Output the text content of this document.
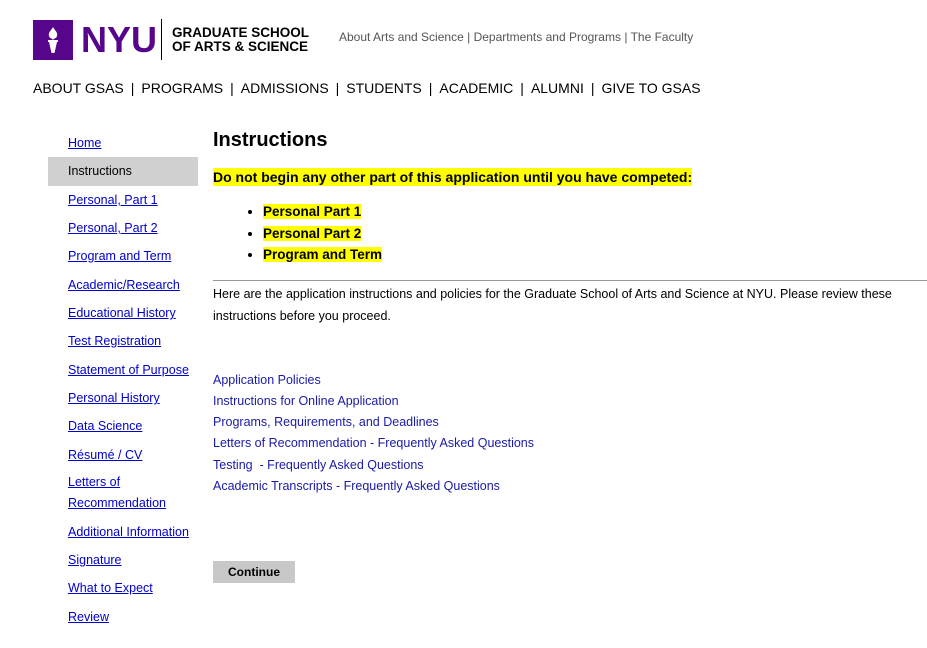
NYU GRADUATE SCHOOL
OF ARTS & SCIENCE
About Arts and Science | Departments and Programs | The Faculty
ABOUT GSAS | PROGRAMS | ADMISSIONS | STUDENTS | ACADEMIC | ALUMNI | GIVE TO GSAS
Home
Instructions
Personal, Part 1
Personal, Part 2
Program and Term
Academic/Research
Educational History
Test Registration
Statement of Purpose
Personal History
Data Science
Résumé / CV
Letters of Recommendation
Additional Information
Signature
What to Expect
Review
Instructions
Do not begin any other part of this application until you have competed:
• Personal Part 1
• Personal Part 2
• Program and Term

Here are the application instructions and policies for the Graduate School of Arts and Science at NYU. Please review these instructions before you proceed.

Application Policies
Instructions for Online Application
Programs, Requirements, and Deadlines
Letters of Recommendation - Frequently Asked Questions
Testing  - Frequently Asked Questions
Academic Transcripts - Frequently Asked Questions
Continue
